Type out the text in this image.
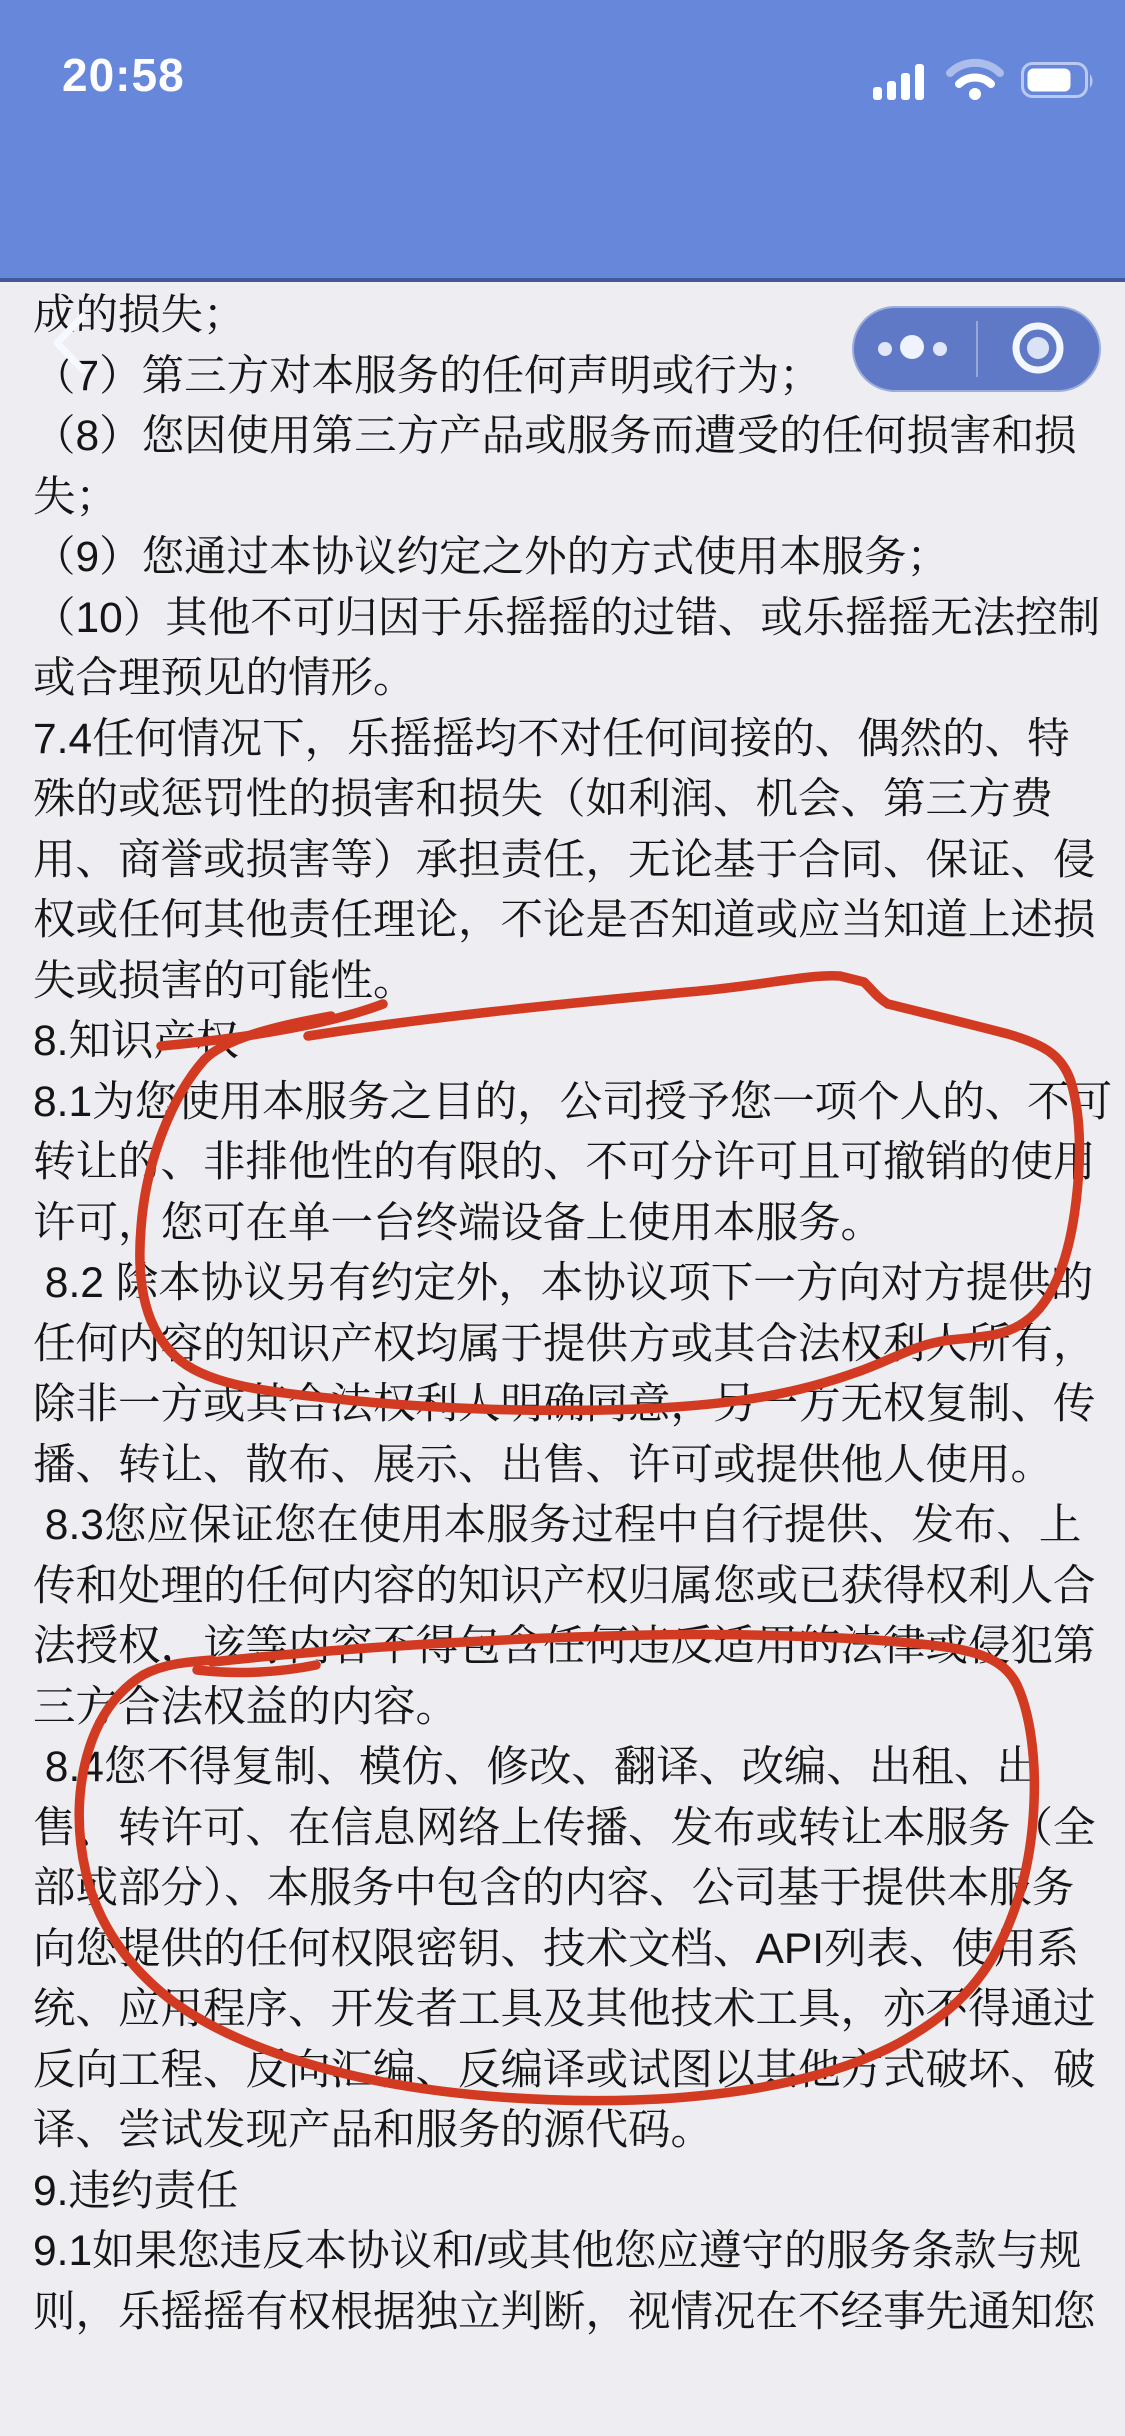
20:58
成的损失；
（7）第三方对本服务的任何声明或行为；
（8）您因使用第三方产品或服务而遭受的任何损害和损
失；
（9）您通过本协议约定之外的方式使用本服务；
（10）其他不可归因于乐摇摇的过错、或乐摇摇无法控制
或合理预见的情形。
7.4任何情况下，乐摇摇均不对任何间接的、偶然的、特
殊的或惩罚性的损害和损失（如利润、机会、第三方费
用、商誉或损害等）承担责任，无论基于合同、保证、侵
权或任何其他责任理论，不论是否知道或应当知道上述损
失或损害的可能性。
8.知识产权
8.1为您使用本服务之目的，公司授予您一项个人的、不可
转让的、非排他性的有限的、不可分许可且可撤销的使用
许可，您可在单一台终端设备上使用本服务。
8.2 除本协议另有约定外，本协议项下一方向对方提供的
任何内容的知识产权均属于提供方或其合法权利人所有，
除非一方或其合法权利人明确同意，另一方无权复制、传
播、转让、散布、展示、出售、许可或提供他人使用。
8.3您应保证您在使用本服务过程中自行提供、发布、上
传和处理的任何内容的知识产权归属您或已获得权利人合
法授权，该等内容不得包含任何违反适用的法律或侵犯第
三方合法权益的内容。
8.4您不得复制、模仿、修改、翻译、改编、出租、出
售、转许可、在信息网络上传播、发布或转让本服务（全
部或部分）、本服务中包含的内容、公司基于提供本服务
向您提供的任何权限密钥、技术文档、API列表、使用系
统、应用程序、开发者工具及其他技术工具，亦不得通过
反向工程、反向汇编、反编译或试图以其他方式破坏、破
译、尝试发现产品和服务的源代码。
9.违约责任
9.1如果您违反本协议和/或其他您应遵守的服务条款与规
则，乐摇摇有权根据独立判断，视情况在不经事先通知您
